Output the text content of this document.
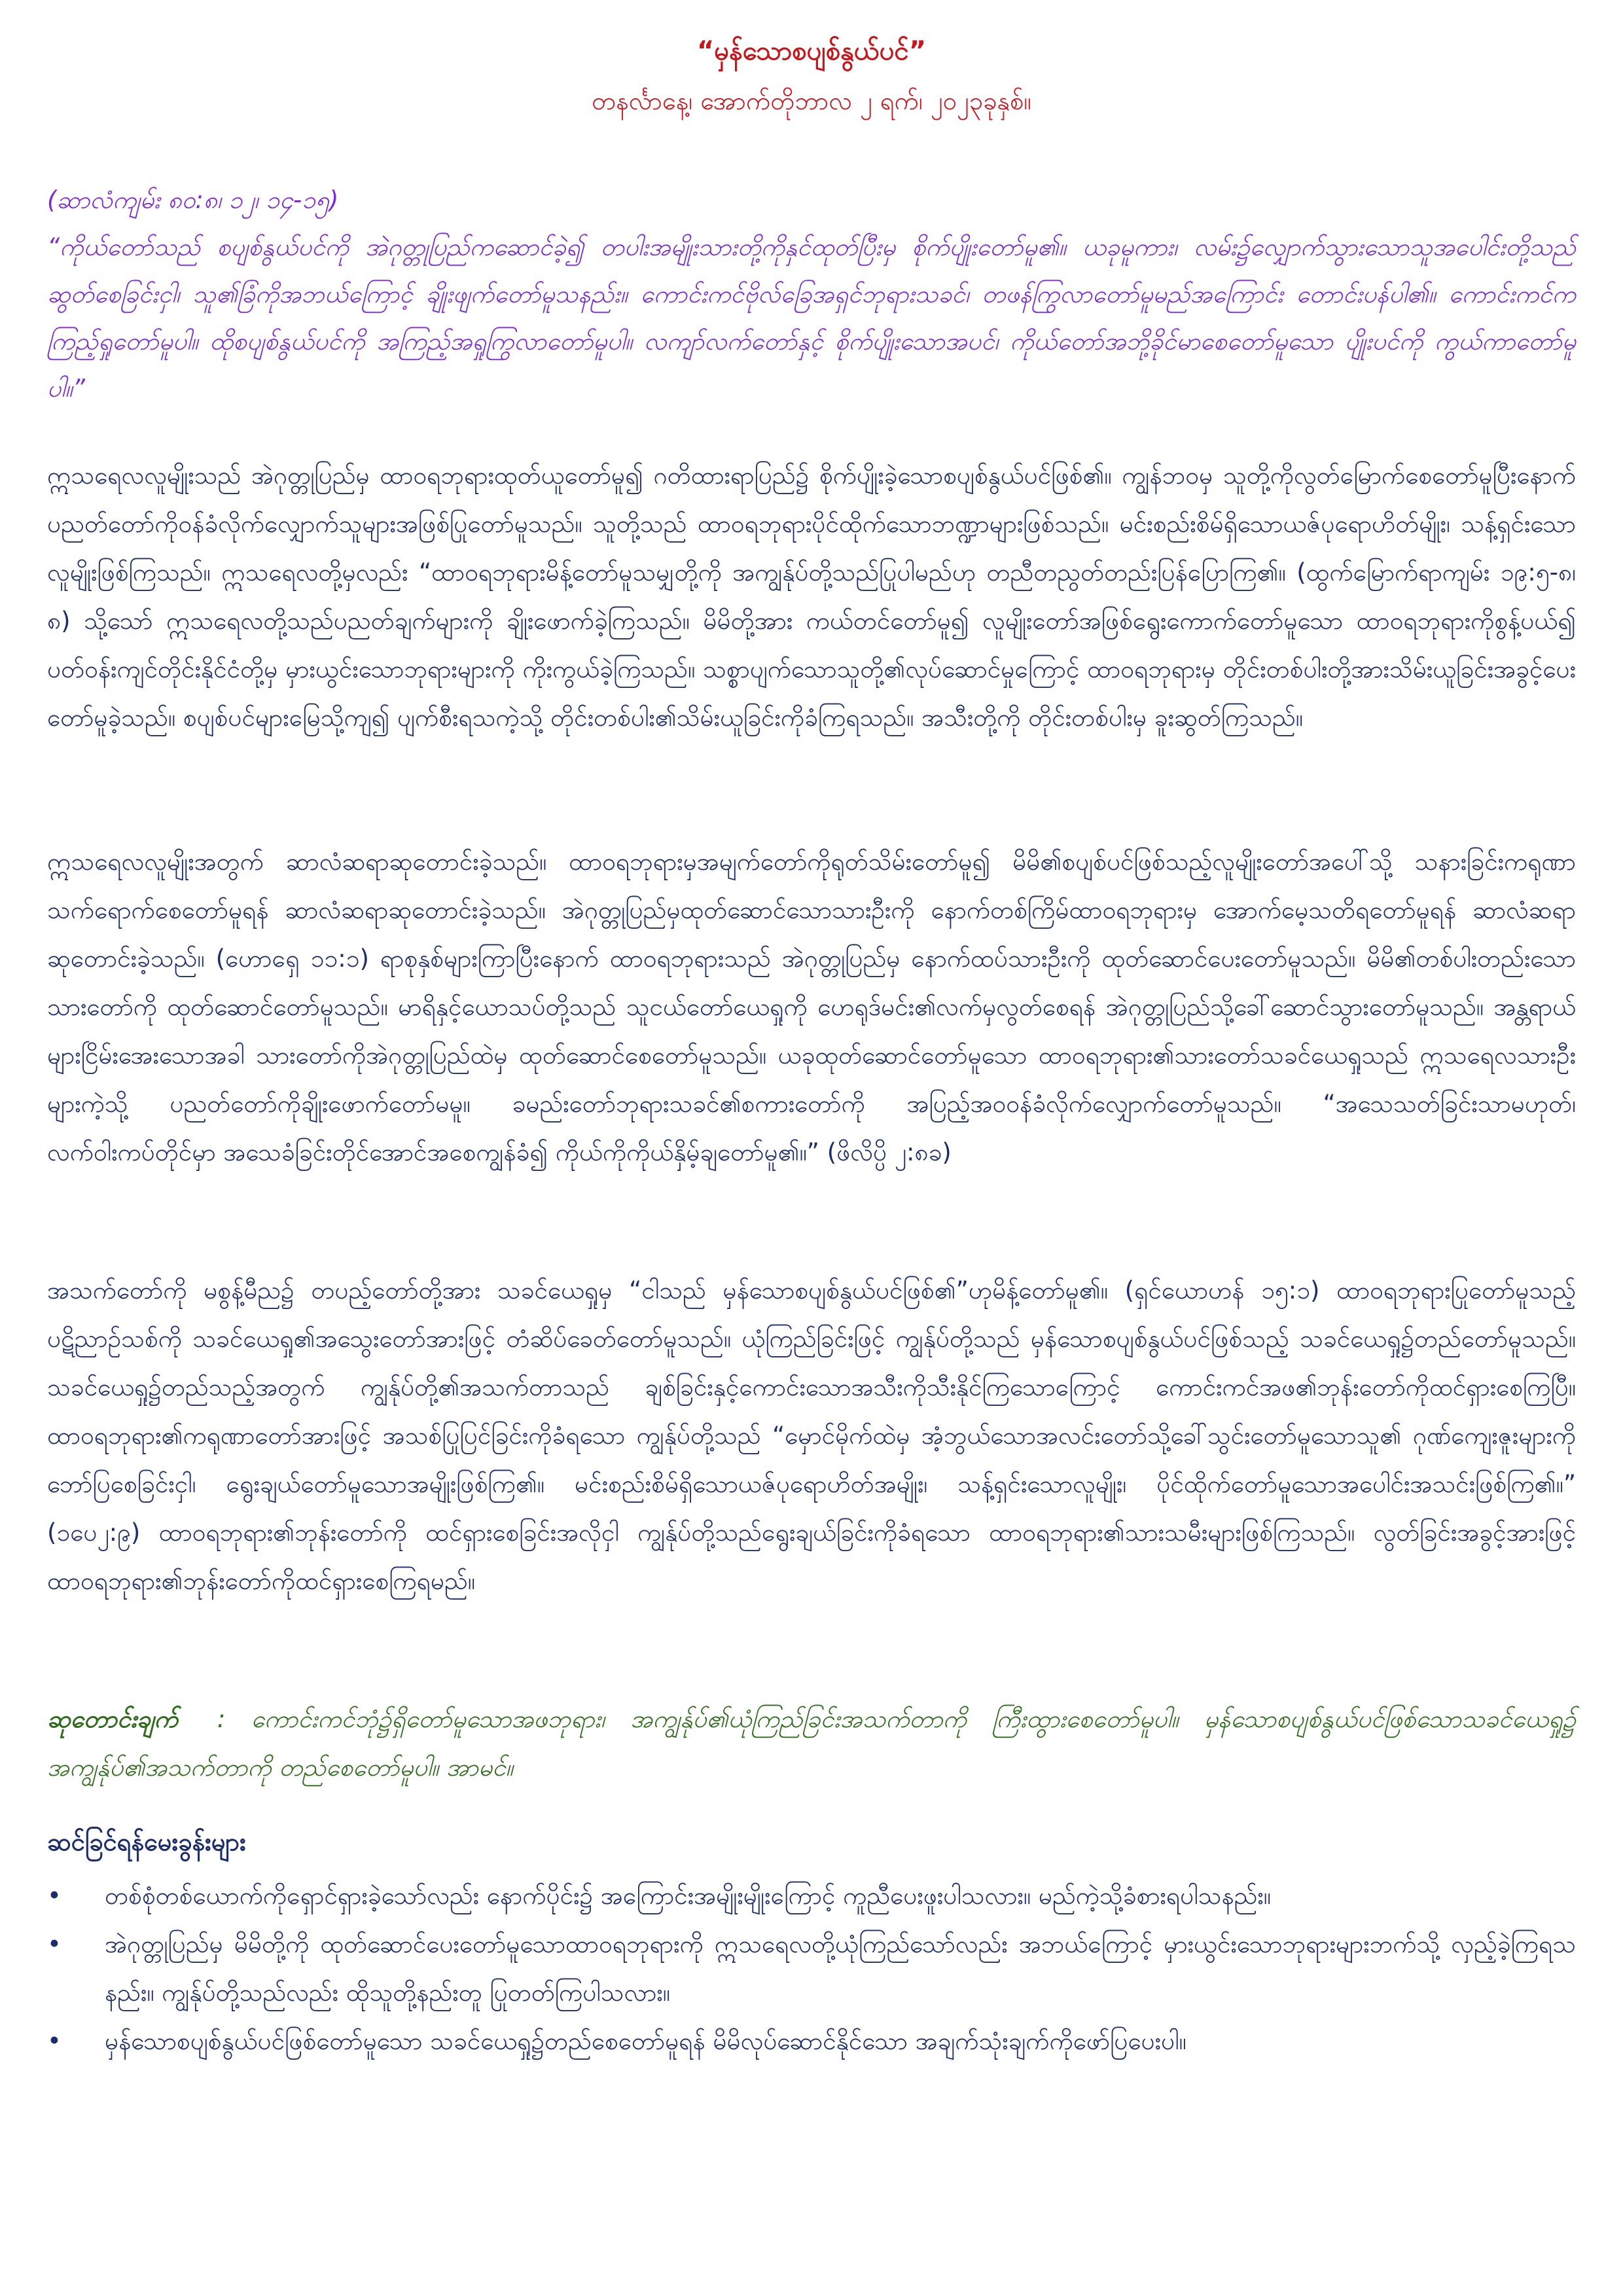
“မှန်သောစပျစ်နွယ်ပင်”

တနင်္လာနေ့၊ အောက်တိုဘာလ ၂ ရက်၊ ၂၀၂၃ခုနှစ်။

(ဆာလံကျမ်း ၈၀:၈၊ ၁၂၊ ၁၄-၁၅)

“ကိုယ်တော်သည် စပျစ်နွယ်ပင်ကို အဲဂုတ္တုပြည်ကဆောင်ခဲ့၍ တပါးအမျိုးသားတို့ကိုနှင်ထုတ်ပြီးမှ စိုက်ပျိုးတော်မူ၏။ ယခုမူကား၊ လမ်း၌လျှောက်သွားသောသူအပေါင်းတို့သည် ဆွတ်စေခြင်းငှါ၊ သူ၏ခြံကိုအဘယ်ကြောင့် ချိုးဖျက်တော်မူသနည်း။ ကောင်းကင်ဗိုလ်ခြေအရှင်ဘုရားသခင်၊ တဖန်ကြွလာတော်မူမည်အကြောင်း တောင်းပန်ပါ၏။ ကောင်းကင်ကကြည့်ရှုတော်မူပါ။ ထိုစပျစ်နွယ်ပင်ကို အကြည့်အရှုကြွလာတော်မူပါ။ လကျာ်လက်တော်နှင့် စိုက်ပျိုးသောအပင်၊ ကိုယ်တော်အဘို့ခိုင်မာစေတော်မူသော ပျိုးပင်ကို ကွယ်ကာတော်မူပါ။”

ဣသရေလလူမျိုးသည် အဲဂုတ္တုပြည်မှ ထာဝရဘုရားထုတ်ယူတော်မူ၍ ဂတိထားရာပြည်၌ စိုက်ပျိုးခဲ့သောစပျစ်နွယ်ပင်ဖြစ်၏။ ကျွန်ဘဝမှ သူတို့ကိုလွတ်မြောက်စေတော်မူပြီးနောက် ပညတ်တော်ကိုဝန်ခံလိုက်လျှောက်သူများအဖြစ်ပြုတော်မူသည်။ သူတို့သည် ထာဝရဘုရားပိုင်ထိုက်သောဘဏ္ဍာများဖြစ်သည်။ မင်းစည်းစိမ်ရှိသောယဇ်ပုရောဟိတ်မျိုး၊ သန့်ရှင်းသောလူမျိုးဖြစ်ကြသည်။ ဣသရေလတို့မှလည်း “ထာဝရဘုရားမိန့်တော်မူသမျှတို့ကို အကျွန်ုပ်တို့သည်ပြုပါမည်ဟု တညီတညွတ်တည်းပြန်ပြောကြ၏။ (ထွက်မြောက်ရာကျမ်း ၁၉:၅-၈၊၈) သို့သော် ဣသရေလတို့သည်ပညတ်ချက်များကို ချိုးဖောက်ခဲ့ကြသည်။ မိမိတို့အား ကယ်တင်တော်မူ၍ လူမျိုးတော်အဖြစ်ရွေးကောက်တော်မူသော ထာဝရဘုရားကိုစွန့်ပယ်၍ ပတ်ဝန်းကျင်တိုင်းနိုင်ငံတို့မှ မှားယွင်းသောဘုရားများကို ကိုးကွယ်ခဲ့ကြသည်။ သစ္စာပျက်သောသူတို့၏လုပ်ဆောင်မှုကြောင့် ထာဝရဘုရားမှ တိုင်းတစ်ပါးတို့အားသိမ်းယူခြင်းအခွင့်ပေးတော်မူခဲ့သည်။ စပျစ်ပင်များမြေသို့ကျ၍ ပျက်စီးရသကဲ့သို့ တိုင်းတစ်ပါး၏သိမ်းယူခြင်းကိုခံကြရသည်။ အသီးတို့ကို တိုင်းတစ်ပါးမှ ခူးဆွတ်ကြသည်။

ဣသရေလလူမျိုးအတွက် ဆာလံဆရာဆုတောင်းခဲ့သည်။ ထာဝရဘုရားမှအမျက်တော်ကိုရုတ်သိမ်းတော်မူ၍ မိမိ၏စပျစ်ပင်ဖြစ်သည့်လူမျိုးတော်အပေါ်သို့ သနားခြင်းကရုဏာသက်ရောက်စေတော်မူရန် ဆာလံဆရာဆုတောင်းခဲ့သည်။ အဲဂုတ္တုပြည်မှထုတ်ဆောင်သောသားဦးကို နောက်တစ်ကြိမ်ထာဝရဘုရားမှ အောက်မေ့သတိရတော်မူရန် ဆာလံဆရာဆုတောင်းခဲ့သည်။ (ဟောရှေ ၁၁:၁) ရာစုနှစ်များကြာပြီးနောက် ထာဝရဘုရားသည် အဲဂုတ္တုပြည်မှ နောက်ထပ်သားဦးကို ထုတ်ဆောင်ပေးတော်မူသည်။ မိမိ၏တစ်ပါးတည်းသောသားတော်ကို ထုတ်ဆောင်တော်မူသည်။ မာရိနှင့်ယောသပ်တို့သည် သူငယ်တော်ယေရှုကို ဟေရုဒ်မင်း၏လက်မှလွတ်စေရန် အဲဂုတ္တုပြည်သို့ခေါ်ဆောင်သွားတော်မူသည်။ အန္တရာယ်များငြိမ်းအေးသောအခါ သားတော်ကိုအဲဂုတ္တုပြည်ထဲမှ ထုတ်ဆောင်စေတော်မူသည်။ ယခုထုတ်ဆောင်တော်မူသော ထာဝရဘုရား၏သားတော်သခင်ယေရှုသည် ဣသရေလသားဦးများကဲ့သို့ ပညတ်တော်ကိုချိုးဖောက်တော်မမူ။ ခမည်းတော်ဘုရားသခင်၏စကားတော်ကို အပြည့်အဝဝန်ခံလိုက်လျှောက်တော်မူသည်။ “အသေသတ်ခြင်းသာမဟုတ်၊ လက်ဝါးကပ်တိုင်မှာ အသေခံခြင်းတိုင်အောင်အစေကျွန်ခံ၍ ကိုယ်ကိုကိုယ်နှိမ့်ချတော်မူ၏။” (ဖိလိပ္ပိ ၂:၈ခ)

အသက်တော်ကို မစွန့်မီည၌ တပည့်တော်တို့အား သခင်ယေရှုမှ “ငါသည် မှန်သောစပျစ်နွယ်ပင်ဖြစ်၏”ဟုမိန့်တော်မူ၏။ (ရှင်ယောဟန် ၁၅:၁) ထာဝရဘုရားပြုတော်မူသည့် ပဋိညာဉ်သစ်ကို သခင်ယေရှု၏အသွေးတော်အားဖြင့် တံဆိပ်ခေတ်တော်မူသည်။ ယုံကြည်ခြင်းဖြင့် ကျွန်ုပ်တို့သည် မှန်သောစပျစ်နွယ်ပင်ဖြစ်သည့် သခင်ယေရှု၌တည်တော်မူသည်။ သခင်ယေရှု၌တည်သည့်အတွက် ကျွန်ုပ်တို့၏အသက်တာသည် ချစ်ခြင်းနှင့်ကောင်းသောအသီးကိုသီးနိုင်ကြသောကြောင့် ကောင်းကင်အဖ၏ဘုန်းတော်ကိုထင်ရှားစေကြပြီ။ ထာဝရဘုရား၏ကရုဏာတော်အားဖြင့် အသစ်ပြုပြင်ခြင်းကိုခံရသော ကျွန်ုပ်တို့သည် “မှောင်မိုက်ထဲမှ အံ့ဘွယ်သောအလင်းတော်သို့ခေါ်သွင်းတော်မူသောသူ၏ ဂုဏ်ကျေးဇူးများကိုဘော်ပြစေခြင်းငှါ၊ ရွေးချယ်တော်မူသောအမျိုးဖြစ်ကြ၏။ မင်းစည်းစိမ်ရှိသောယဇ်ပုရောဟိတ်အမျိုး၊ သန့်ရှင်းသောလူမျိုး၊ ပိုင်ထိုက်တော်မူသောအပေါင်းအသင်းဖြစ်ကြ၏။” (၁ပေ၂:၉) ထာဝရဘုရား၏ဘုန်းတော်ကို ထင်ရှားစေခြင်းအလိုငှါ ကျွန်ုပ်တို့သည်ရွေးချယ်ခြင်းကိုခံရသော ထာဝရဘုရား၏သားသမီးများဖြစ်ကြသည်။ လွတ်ခြင်းအခွင့်အားဖြင့် ထာဝရဘုရား၏ဘုန်းတော်ကိုထင်ရှားစေကြရမည်။

ဆုတောင်းချက် : ကောင်းကင်ဘုံ၌ရှိတော်မူသောအဖဘုရား၊ အကျွန်ုပ်၏ယုံကြည်ခြင်းအသက်တာကို ကြီးထွားစေတော်မူပါ။ မှန်သောစပျစ်နွယ်ပင်ဖြစ်သောသခင်ယေရှု၌ အကျွန်ုပ်၏အသက်တာကို တည်စေတော်မူပါ။ အာမင်။

ဆင်ခြင်ရန်မေးခွန်းများ
•	တစ်စုံတစ်ယောက်ကိုရှောင်ရှားခဲ့သော်လည်း နောက်ပိုင်း၌ အကြောင်းအမျိုးမျိုးကြောင့် ကူညီပေးဖူးပါသလား။ မည်ကဲ့သို့ခံစားရပါသနည်း။
•	အဲဂုတ္တုပြည်မှ မိမိတို့ကို ထုတ်ဆောင်ပေးတော်မူသောထာဝရဘုရားကို ဣသရေလတို့ယုံကြည်သော်လည်း အဘယ်ကြောင့် မှားယွင်းသောဘုရားများဘက်သို့ လှည့်ခဲ့ကြရသနည်း။ ကျွန်ုပ်တို့သည်လည်း ထိုသူတို့နည်းတူ ပြုတတ်ကြပါသလား။
•	မှန်သောစပျစ်နွယ်ပင်ဖြစ်တော်မူသော သခင်ယေရှု၌တည်စေတော်မူရန် မိမိလုပ်ဆောင်နိုင်သော အချက်သုံးချက်ကိုဖော်ပြပေးပါ။
